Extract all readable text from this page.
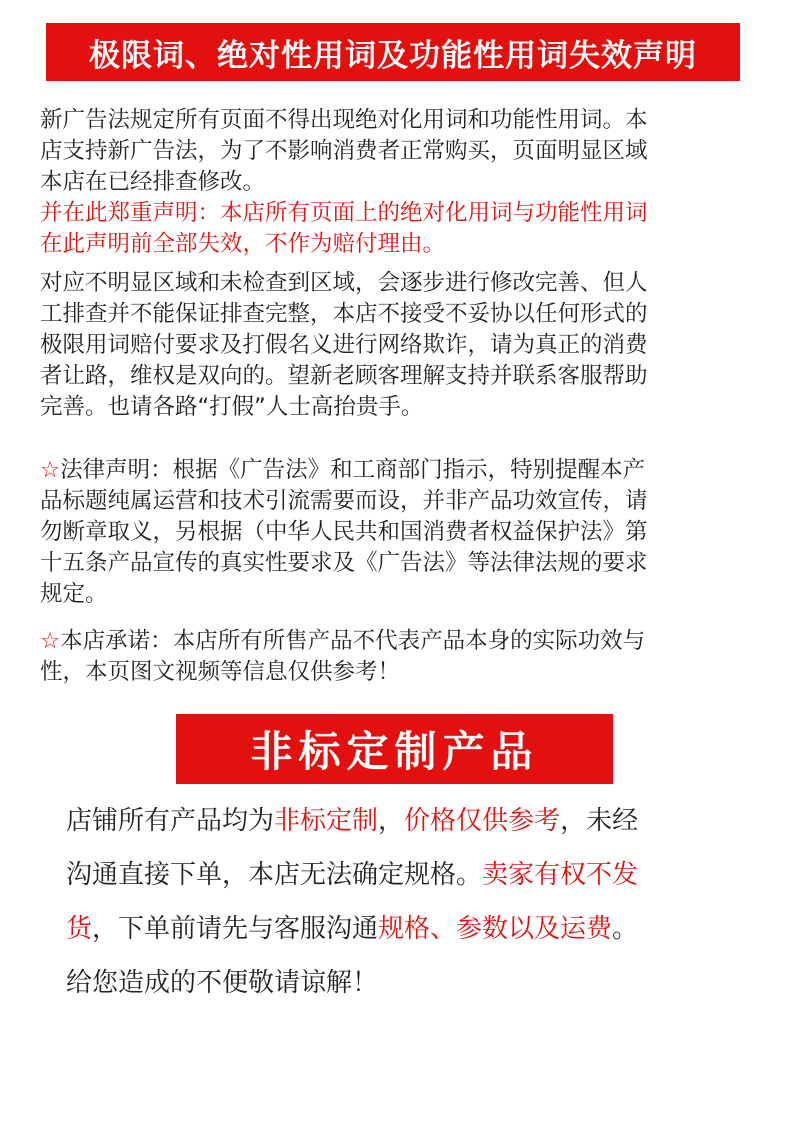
极限词、绝对性用词及功能性用词失效声明
新广告法规定所有页面不得出现绝对化用词和功能性用词。本
店支持新广告法，为了不影响消费者正常购买，页面明显区域
本店在已经排查修改。
并在此郑重声明：本店所有页面上的绝对化用词与功能性用词
在此声明前全部失效，不作为赔付理由。
对应不明显区域和未检查到区域，会逐步进行修改完善、但人
工排查并不能保证排查完整，本店不接受不妥协以任何形式的
极限用词赔付要求及打假名义进行网络欺诈，请为真正的消费
者让路，维权是双向的。望新老顾客理解支持并联系客服帮助
完善。也请各路“打假”人士高抬贵手。
☆法律声明：根据《广告法》和工商部门指示，特别提醒本产
品标题纯属运营和技术引流需要而设，并非产品功效宣传，请
勿断章取义，另根据（中华人民共和国消费者权益保护法》第
十五条产品宣传的真实性要求及《广告法》等法律法规的要求
规定。
☆本店承诺：本店所有所售产品不代表产品本身的实际功效与
性，本页图文视频等信息仅供参考！
非标定制产品
店铺所有产品均为非标定制，价格仅供参考，未经
沟通直接下单，本店无法确定规格。卖家有权不发
货，下单前请先与客服沟通规格、参数以及运费。
给您造成的不便敬请谅解！
